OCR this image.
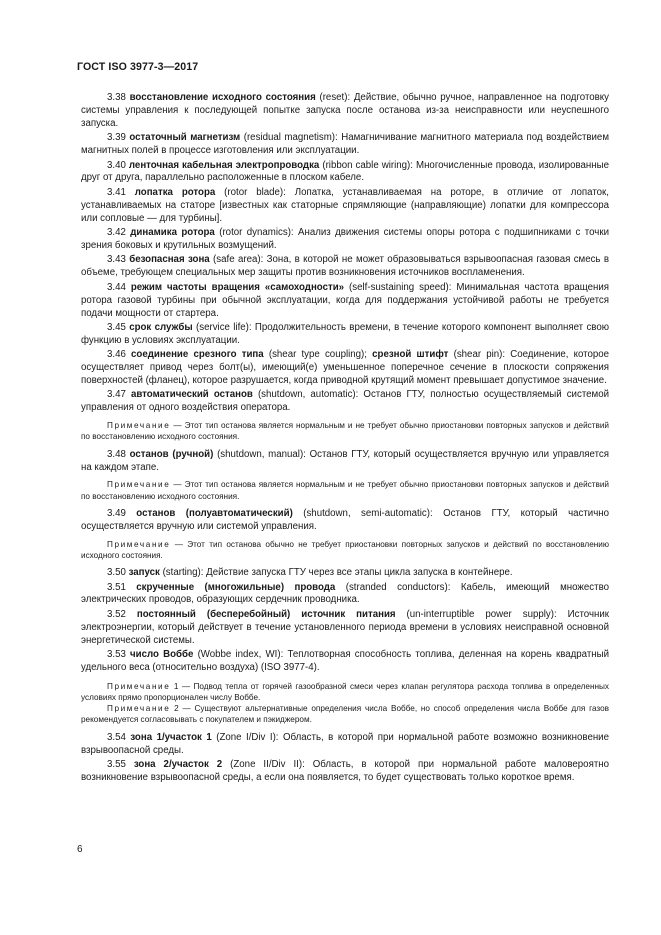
ГОСТ ISO 3977-3—2017

3.38 восстановление исходного состояния (reset): Действие, обычно ручное, направленное на подготовку системы управления к последующей попытке запуска после останова из-за неисправности или неуспешного запуска.

3.39 остаточный магнетизм (residual magnetism): Намагничивание магнитного материала под воздействием магнитных полей в процессе изготовления или эксплуатации.

3.40 ленточная кабельная электропроводка (ribbon cable wiring): Многочисленные провода, изолированные друг от друга, параллельно расположенные в плоском кабеле.

3.41 лопатка ротора (rotor blade): Лопатка, устанавливаемая на роторе, в отличие от лопаток, устанавливаемых на статоре [известных как статорные спрямляющие (направляющие) лопатки для компрессора или сопловые — для турбины].

3.42 динамика ротора (rotor dynamics): Анализ движения системы опоры ротора с подшипниками с точки зрения боковых и крутильных возмущений.

3.43 безопасная зона (safe area): Зона, в которой не может образовываться взрывоопасная газовая смесь в объеме, требующем специальных мер защиты против возникновения источников воспламенения.

3.44 режим частоты вращения «самоходности» (self-sustaining speed): Минимальная частота вращения ротора газовой турбины при обычной эксплуатации, когда для поддержания устойчивой работы не требуется подачи мощности от стартера.

3.45 срок службы (service life): Продолжительность времени, в течение которого компонент выполняет свою функцию в условиях эксплуатации.

3.46 соединение срезного типа (shear type coupling); срезной штифт (shear pin): Соединение, которое осуществляет привод через болт(ы), имеющий(е) уменьшенное поперечное сечение в плоскости сопряжения поверхностей (фланец), которое разрушается, когда приводной крутящий момент превышает допустимое значение.

3.47 автоматический останов (shutdown, automatic): Останов ГТУ, полностью осуществляемый системой управления от одного воздействия оператора.

Примечание — Этот тип останова является нормальным и не требует обычно приостановки повторных запусков и действий по восстановлению исходного состояния.

3.48 останов (ручной) (shutdown, manual): Останов ГТУ, который осуществляется вручную или управляется на каждом этапе.

Примечание — Этот тип останова является нормальным и не требует обычно приостановки повторных запусков и действий по восстановлению исходного состояния.

3.49 останов (полуавтоматический) (shutdown, semi-automatic): Останов ГТУ, который частично осуществляется вручную или системой управления.

Примечание — Этот тип останова обычно не требует приостановки повторных запусков и действий по восстановлению исходного состояния.

3.50 запуск (starting): Действие запуска ГТУ через все этапы цикла запуска в контейнере.

3.51 скрученные (многожильные) провода (stranded conductors): Кабель, имеющий множество электрических проводов, образующих сердечник проводника.

3.52 постоянный (бесперебойный) источник питания (un-interruptible power supply): Источник электроэнергии, который действует в течение установленного периода времени в условиях неисправной основной энергетической системы.

3.53 число Воббе (Wobbe index, WI): Теплотворная способность топлива, деленная на корень квадратный удельного веса (относительно воздуха) (ISO 3977-4).

Примечание 1 — Подвод тепла от горячей газообразной смеси через клапан регулятора расхода топлива в определенных условиях прямо пропорционален числу Воббе.

Примечание 2 — Существуют альтернативные определения числа Воббе, но способ определения числа Воббе для газов рекомендуется согласовывать с покупателем и пэкиджером.

3.54 зона 1/участок 1 (Zone I/Div I): Область, в которой при нормальной работе возможно возникновение взрывоопасной среды.

3.55 зона 2/участок 2 (Zone II/Div II): Область, в которой при нормальной работе маловероятно возникновение взрывоопасной среды, а если она появляется, то будет существовать только короткое время.

6
